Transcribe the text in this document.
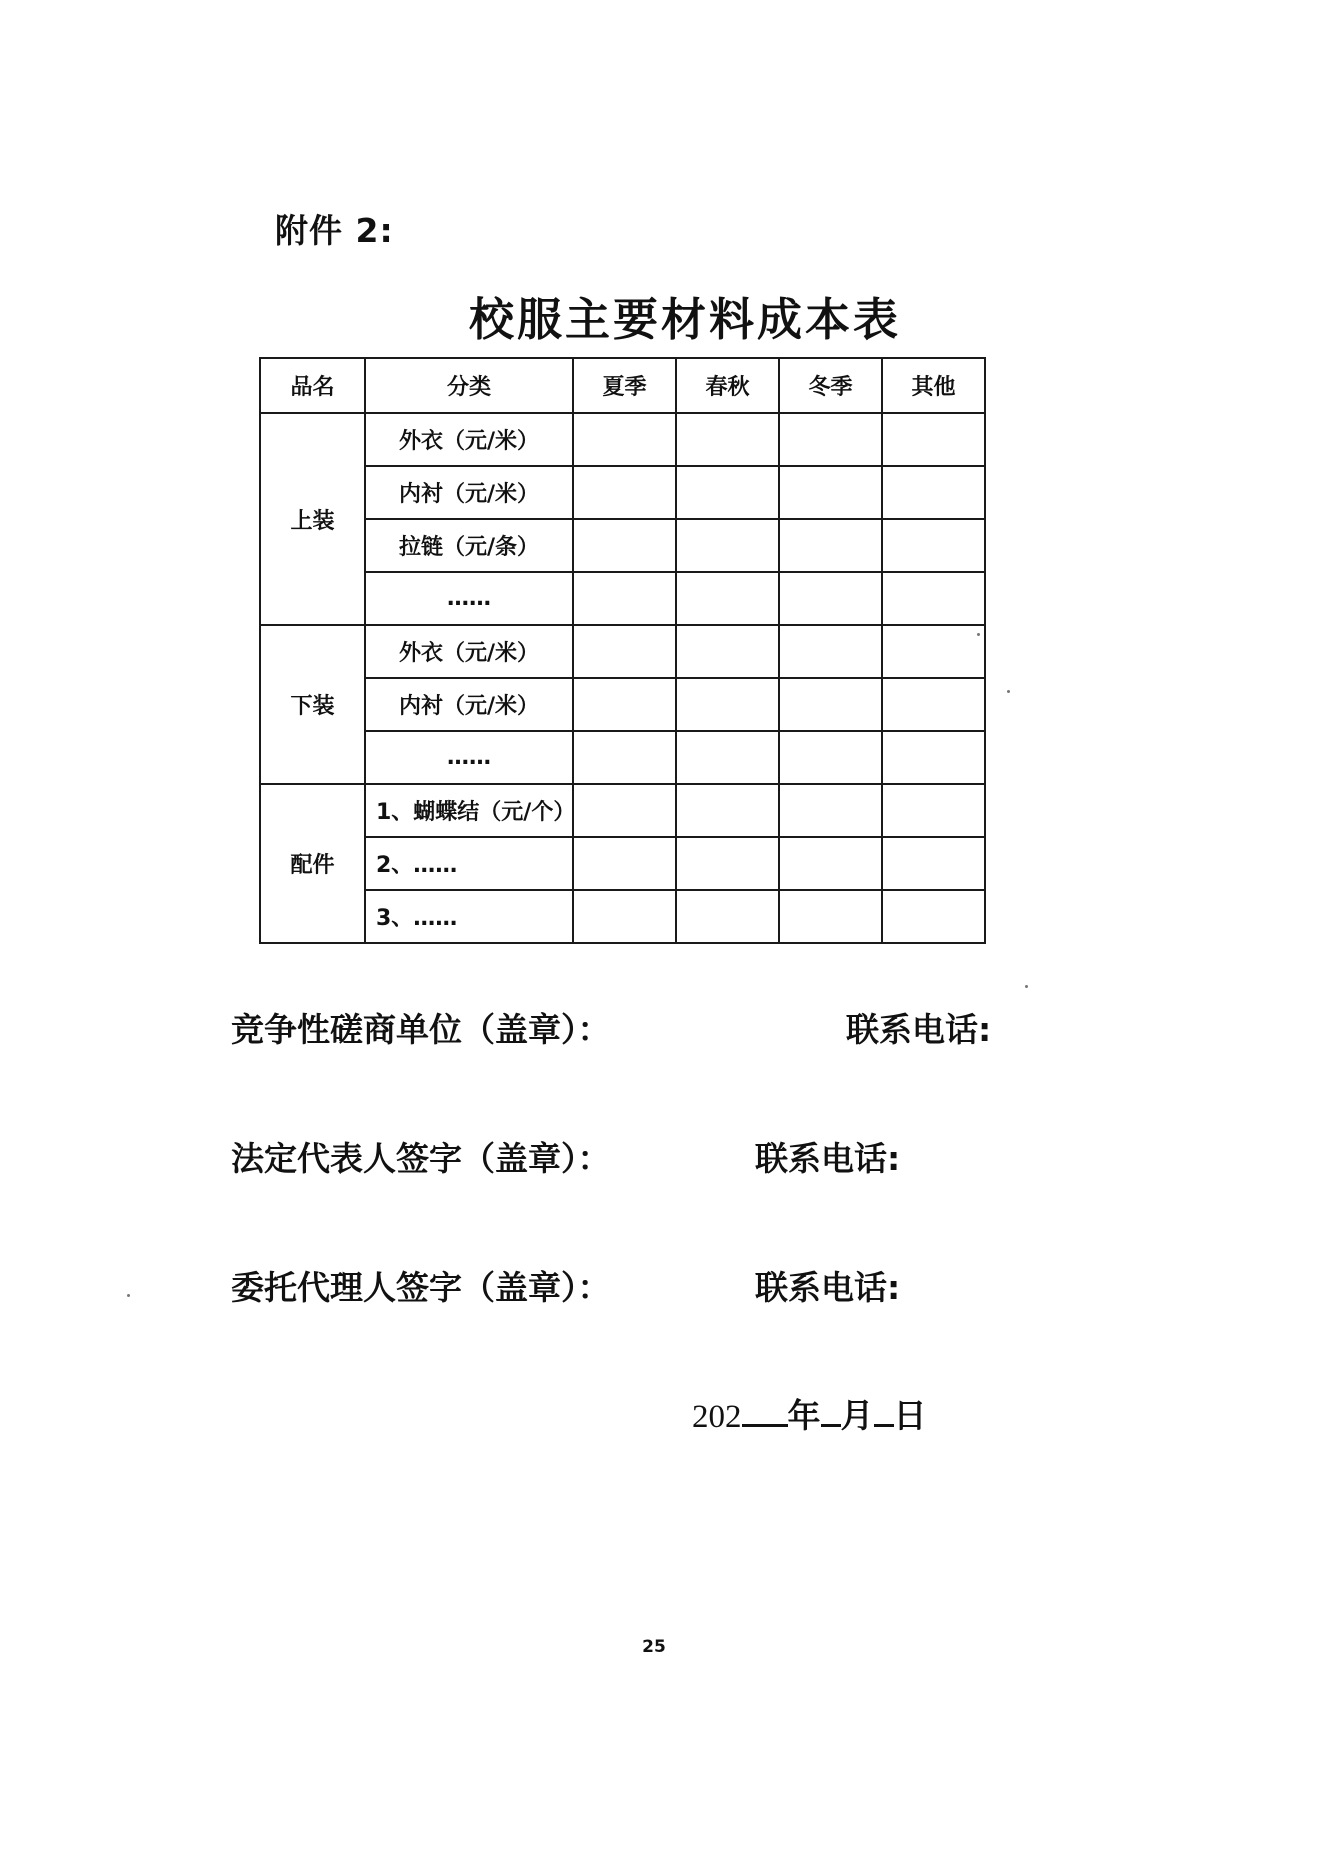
附件 2:
校服主要材料成本表
品名	分类	夏季	春秋	冬季	其他
上装	外衣（元/米）				
	内衬（元/米）				
	拉链（元/条）				
	……				
下装	外衣（元/米）				
	内衬（元/米）				
	……				
配件	1、蝴蝶结（元/个）				
	2、……				
	3、……				
竞争性磋商单位（盖章）：	联系电话:
法定代表人签字（盖章）：	联系电话:
委托代理人签字（盖章）：	联系电话:
202 年 月 日
25
